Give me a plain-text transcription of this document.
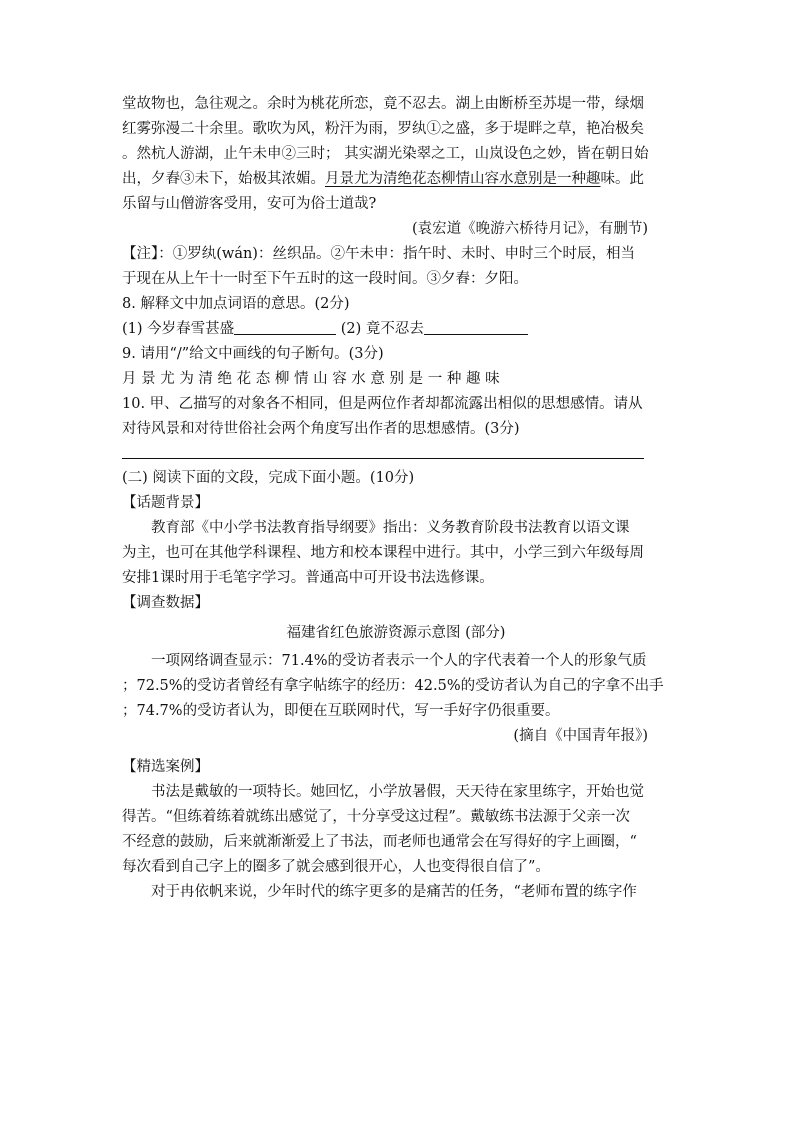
堂故物也，急往观之。余时为桃花所恋，竟不忍去。湖上由断桥至苏堤一带，绿烟

红雾弥漫二十余里。歌吹为风，粉汗为雨，罗纨①之盛，多于堤畔之草，艳冶极矣

。然杭人游湖，止午未申②三时； 其实湖光染翠之工，山岚设色之妙，皆在朝日始

出，夕舂③未下，始极其浓媚。月景尤为清绝花态柳情山容水意别是一种趣味。此

乐留与山僧游客受用，安可为俗士道哉?

(袁宏道《晚游六桥待月记》，有删节)

【注】：①罗纨(wán)：丝织品。②午未申：指午时、未时、申时三个时辰，相当

于现在从上午十一时至下午五时的这一段时间。③夕舂：夕阳。

8. 解释文中加点词语的意思。(2分)

(1) 今岁春雪甚盛	(2) 竟不忍去

9. 请用“/”给文中画线的句子断句。(3分)

月 景 尤 为 清 绝 花 态 柳 情 山 容 水 意 别 是 一 种 趣 味

10. 甲、乙描写的对象各不相同，但是两位作者却都流露出相似的思想感情。请从

对待风景和对待世俗社会两个角度写出作者的思想感情。(3分)

(二) 阅读下面的文段，完成下面小题。(10分)

【话题背景】

教育部《中小学书法教育指导纲要》指出：义务教育阶段书法教育以语文课

为主，也可在其他学科课程、地方和校本课程中进行。其中，小学三到六年级每周

安排1课时用于毛笔字学习。普通高中可开设书法选修课。

【调查数据】

福建省红色旅游资源示意图 (部分)

一项网络调查显示：71.4%的受访者表示一个人的字代表着一个人的形象气质

；72.5%的受访者曾经有拿字帖练字的经历：42.5%的受访者认为自己的字拿不出手

；74.7%的受访者认为，即便在互联网时代，写一手好字仍很重要。

(摘自《中国青年报》)

【精选案例】

书法是戴敏的一项特长。她回忆，小学放暑假，天天待在家里练字，开始也觉

得苦。“但练着练着就练出感觉了，十分享受这过程”。戴敏练书法源于父亲一次

不经意的鼓励，后来就渐渐爱上了书法，而老师也通常会在写得好的字上画圈，“

每次看到自己字上的圈多了就会感到很开心，人也变得很自信了”。

对于冉依帆来说，少年时代的练字更多的是痛苦的任务，“老师布置的练字作
